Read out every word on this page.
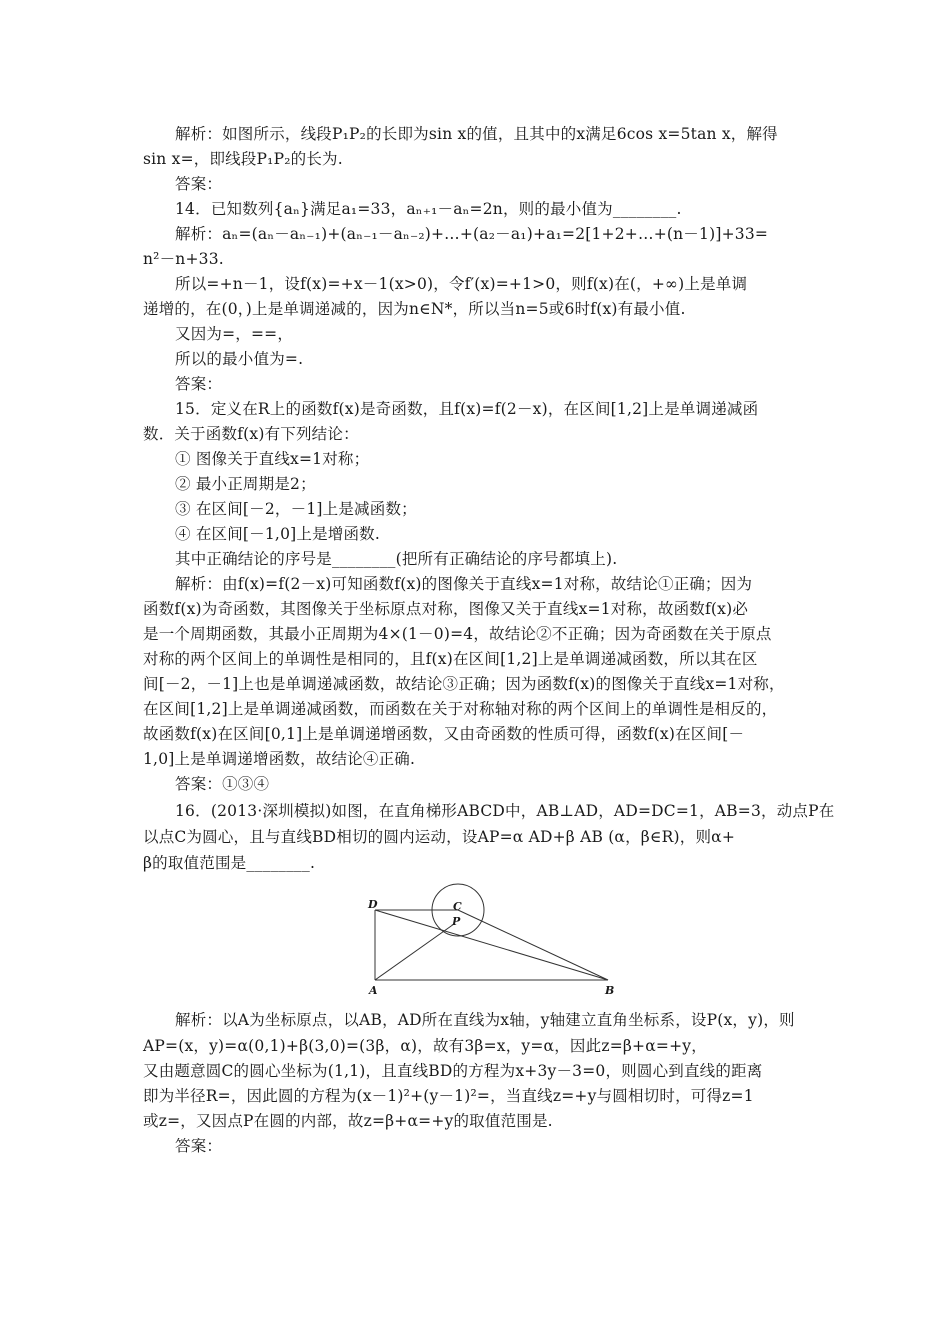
解析：如图所示，线段P₁P₂的长即为sin x的值，且其中的x满足6cos x=5tan x，解得
sin x=，即线段P₁P₂的长为.
答案：
14．已知数列{aₙ}满足a₁=33，aₙ₊₁－aₙ=2n，则的最小值为________.
解析：aₙ=(aₙ－aₙ₋₁)+(aₙ₋₁－aₙ₋₂)+…+(a₂－a₁)+a₁=2[1+2+…+(n－1)]+33=
n²－n+33.
所以=+n－1，设f(x)=+x－1(x>0)，令f′(x)=+1>0，则f(x)在(，+∞)上是单调
递增的，在(0，)上是单调递减的，因为n∈N*，所以当n=5或6时f(x)有最小值.
又因为=，==，
所以的最小值为=.
答案：
15．定义在R上的函数f(x)是奇函数，且f(x)=f(2－x)，在区间[1,2]上是单调递减函
数．关于函数f(x)有下列结论：
① 图像关于直线x=1对称；
② 最小正周期是2；
③ 在区间[－2，－1]上是减函数；
④ 在区间[－1,0]上是增函数.
其中正确结论的序号是________(把所有正确结论的序号都填上).
解析：由f(x)=f(2－x)可知函数f(x)的图像关于直线x=1对称，故结论①正确；因为
函数f(x)为奇函数，其图像关于坐标原点对称，图像又关于直线x=1对称，故函数f(x)必
是一个周期函数，其最小正周期为4×(1－0)=4，故结论②不正确；因为奇函数在关于原点
对称的两个区间上的单调性是相同的，且f(x)在区间[1,2]上是单调递减函数，所以其在区
间[－2，－1]上也是单调递减函数，故结论③正确；因为函数f(x)的图像关于直线x=1对称，
在区间[1,2]上是单调递减函数，而函数在关于对称轴对称的两个区间上的单调性是相反的，
故函数f(x)在区间[0,1]上是单调递增函数，又由奇函数的性质可得，函数f(x)在区间[－
1,0]上是单调递增函数，故结论④正确.
答案：①③④
16．(2013·深圳模拟)如图，在直角梯形ABCD中，AB⊥AD，AD=DC=1，AB=3，动点P在
以点C为圆心，且与直线BD相切的圆内运动，设AP=α AD+β AB (α，β∈R)，则α+
β的取值范围是________.
D	C
P
A	B
解析：以A为坐标原点，以AB，AD所在直线为x轴，y轴建立直角坐标系，设P(x，y)，则
AP=(x，y)=α(0,1)+β(3,0)=(3β，α)，故有3β=x，y=α，因此z=β+α=+y，
又由题意圆C的圆心坐标为(1,1)，且直线BD的方程为x+3y－3=0，则圆心到直线的距离
即为半径R=，因此圆的方程为(x－1)²+(y－1)²=，当直线z=+y与圆相切时，可得z=1
或z=，又因点P在圆的内部，故z=β+α=+y的取值范围是.
答案：
